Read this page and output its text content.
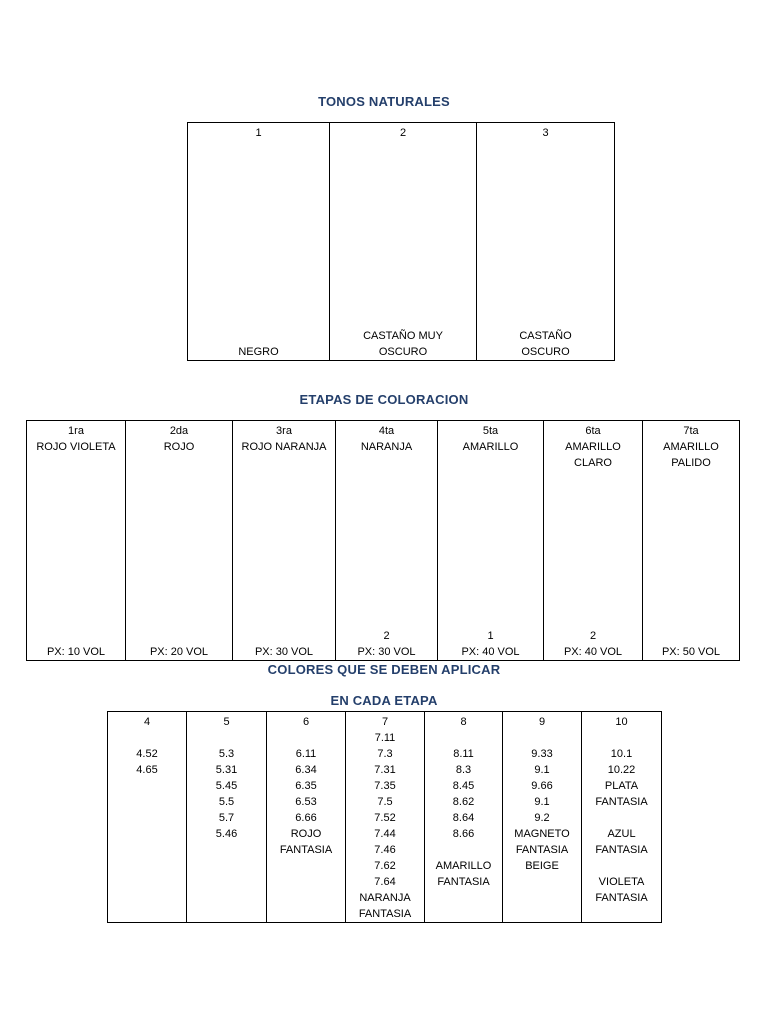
TONOS NATURALES
1
NEGRO

2
CASTAÑO MUY
OSCURO

3
CASTAÑO
OSCURO
ETAPAS DE COLORACION
1ra
ROJO VIOLETA
PX: 10 VOL

2da
ROJO
PX: 20 VOL

3ra
ROJO NARANJA
PX: 30 VOL

4ta
NARANJA
2
PX: 30 VOL

5ta
AMARILLO
1
PX: 40 VOL

6ta
AMARILLO
CLARO
2
PX: 40 VOL

7ta
AMARILLO
PALIDO
PX: 50 VOL
COLORES QUE SE DEBEN APLICAR
EN CADA ETAPA
4
4.52
4.65

5
5.3
5.31
5.45
5.5
5.7
5.46

6
6.11
6.34
6.35
6.53
6.66
ROJO
FANTASIA

7
7.11
7.3
7.31
7.35
7.5
7.52
7.44
7.46
7.62
7.64
NARANJA
FANTASIA

8
8.11
8.3
8.45
8.62
8.64
8.66
AMARILLO
FANTASIA

9
9.33
9.1
9.66
9.1
9.2
MAGNETO
FANTASIA
BEIGE

10
10.1
10.22
PLATA
FANTASIA
AZUL
FANTASIA
VIOLETA
FANTASIA
